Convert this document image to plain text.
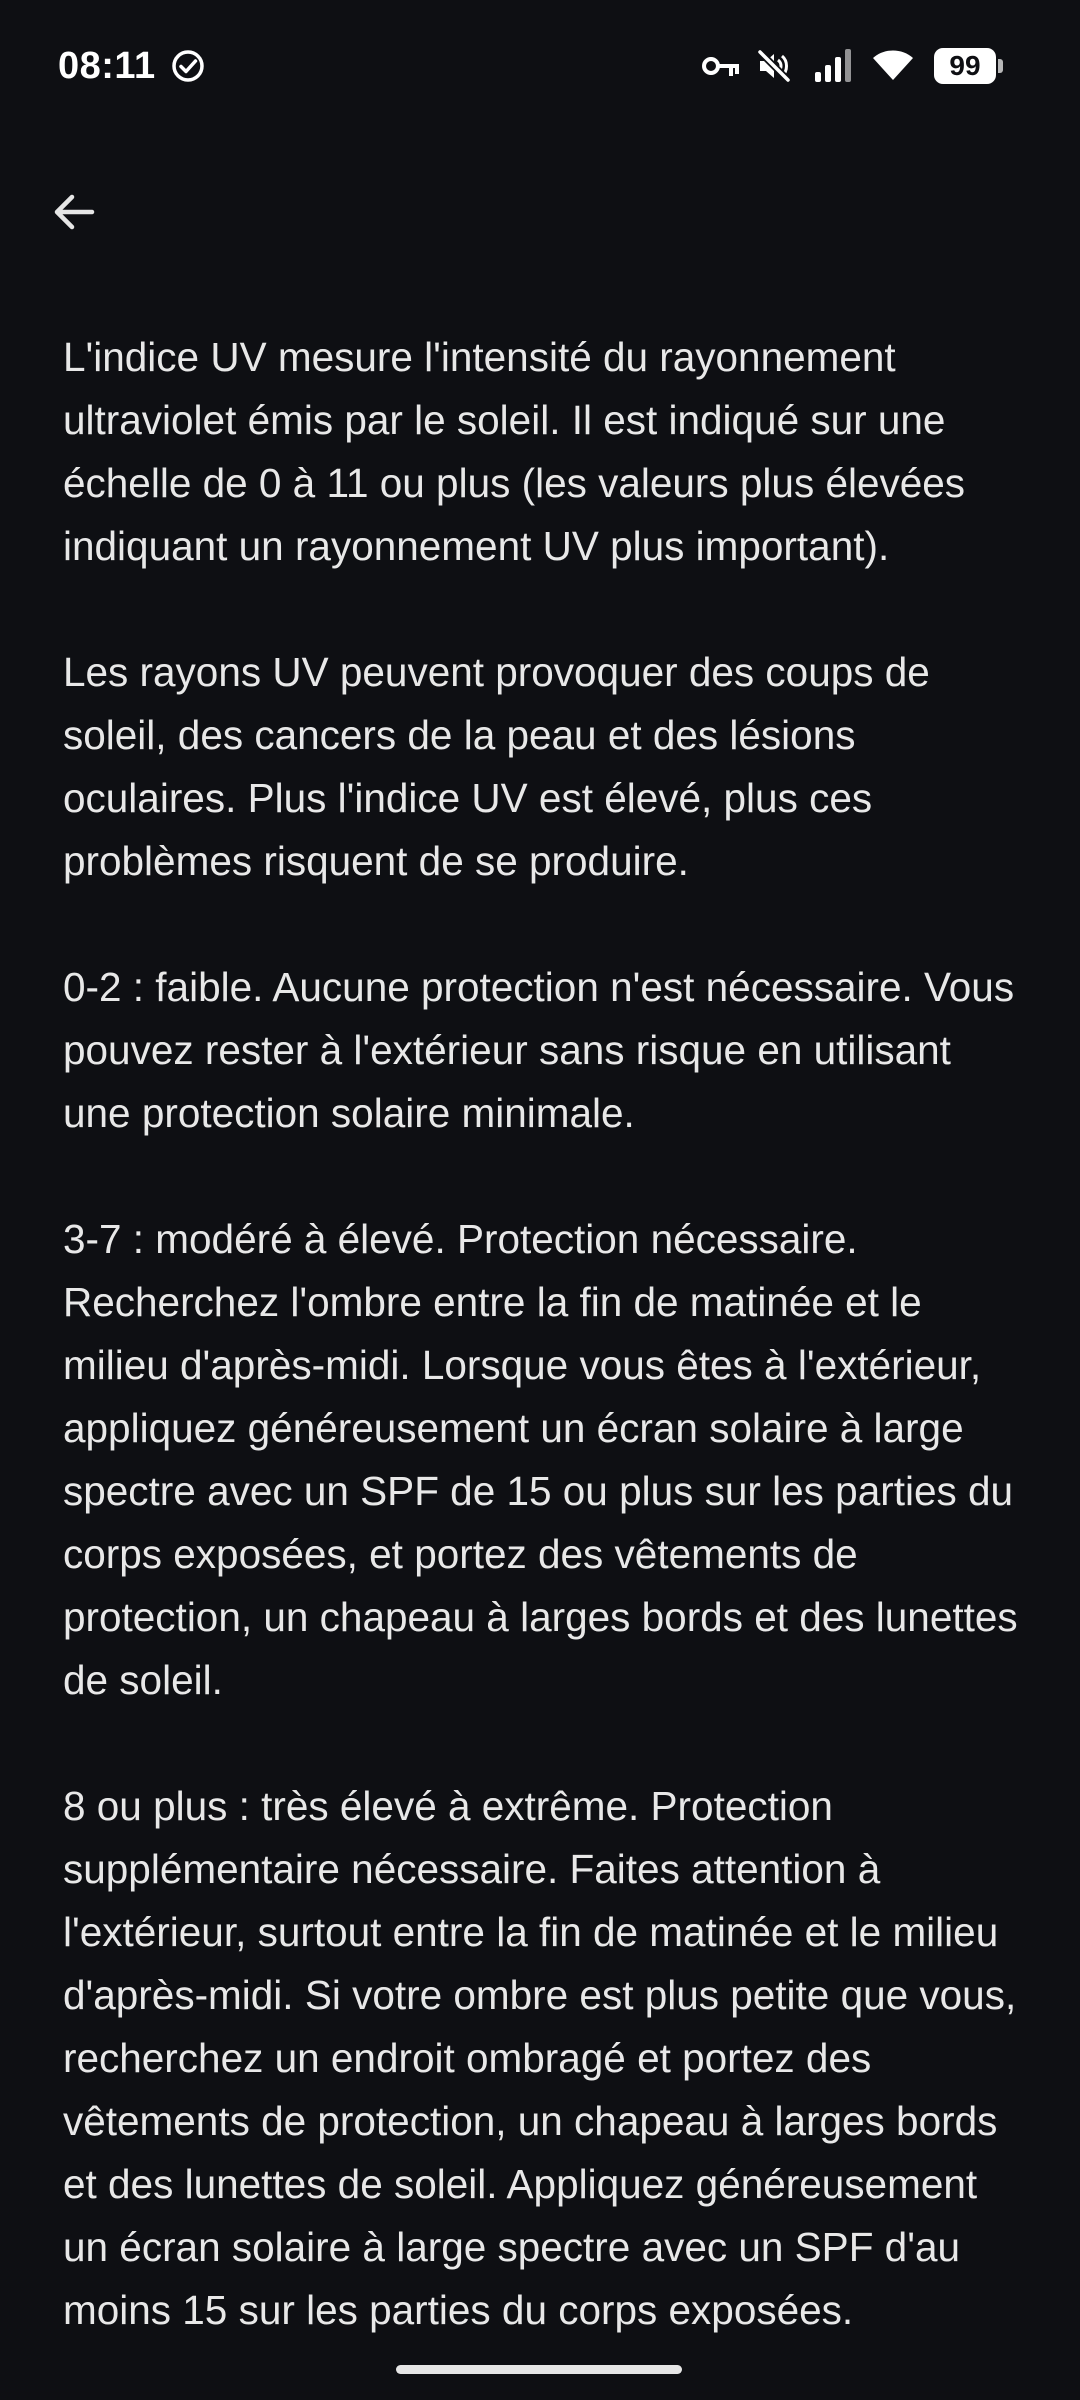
08:11	99

L'indice UV mesure l'intensité du rayonnement ultraviolet émis par le soleil. Il est indiqué sur une échelle de 0 à 11 ou plus (les valeurs plus élevées indiquant un rayonnement UV plus important).

Les rayons UV peuvent provoquer des coups de soleil, des cancers de la peau et des lésions oculaires. Plus l'indice UV est élevé, plus ces problèmes risquent de se produire.

0-2 : faible. Aucune protection n'est nécessaire. Vous pouvez rester à l'extérieur sans risque en utilisant une protection solaire minimale.

3-7 : modéré à élevé. Protection nécessaire. Recherchez l'ombre entre la fin de matinée et le milieu d'après-midi. Lorsque vous êtes à l'extérieur, appliquez généreusement un écran solaire à large spectre avec un SPF de 15 ou plus sur les parties du corps exposées, et portez des vêtements de protection, un chapeau à larges bords et des lunettes de soleil.

8 ou plus : très élevé à extrême. Protection supplémentaire nécessaire. Faites attention à l'extérieur, surtout entre la fin de matinée et le milieu d'après-midi. Si votre ombre est plus petite que vous, recherchez un endroit ombragé et portez des vêtements de protection, un chapeau à larges bords et des lunettes de soleil. Appliquez généreusement un écran solaire à large spectre avec un SPF d'au moins 15 sur les parties du corps exposées.
